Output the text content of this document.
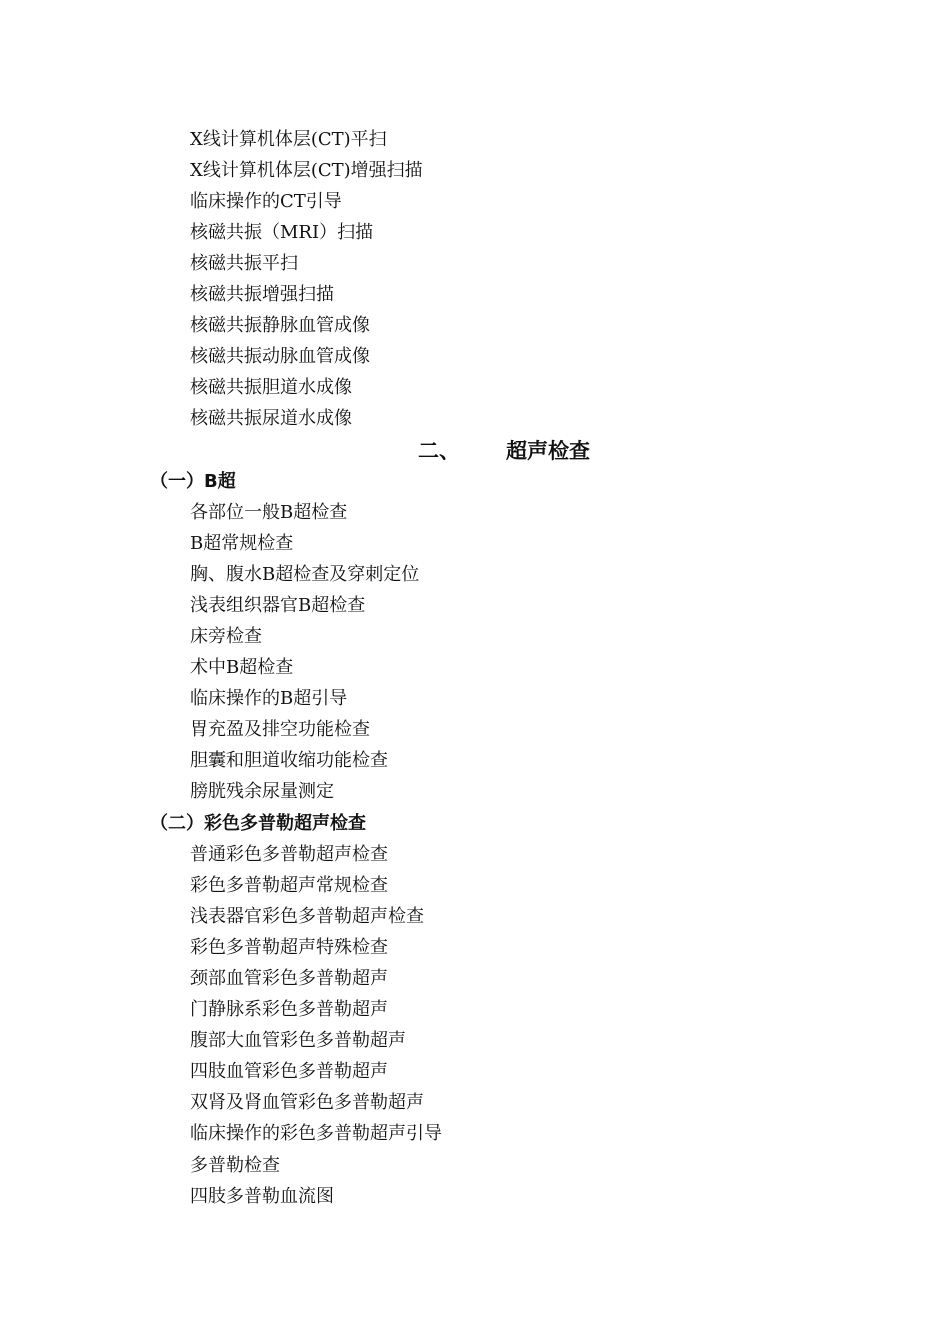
X线计算机体层(CT)平扫
X线计算机体层(CT)增强扫描
临床操作的CT引导
核磁共振（MRI）扫描
核磁共振平扫
核磁共振增强扫描
核磁共振静脉血管成像
核磁共振动脉血管成像
核磁共振胆道水成像
核磁共振尿道水成像
二、 超声检查
（一）B超
各部位一般B超检查
B超常规检查
胸、腹水B超检查及穿刺定位
浅表组织器官B超检查
床旁检查
术中B超检查
临床操作的B超引导
胃充盈及排空功能检查
胆囊和胆道收缩功能检查
膀胱残余尿量测定
（二）彩色多普勒超声检查
普通彩色多普勒超声检查
彩色多普勒超声常规检查
浅表器官彩色多普勒超声检查
彩色多普勒超声特殊检查
颈部血管彩色多普勒超声
门静脉系彩色多普勒超声
腹部大血管彩色多普勒超声
四肢血管彩色多普勒超声
双肾及肾血管彩色多普勒超声
临床操作的彩色多普勒超声引导
多普勒检查
四肢多普勒血流图
